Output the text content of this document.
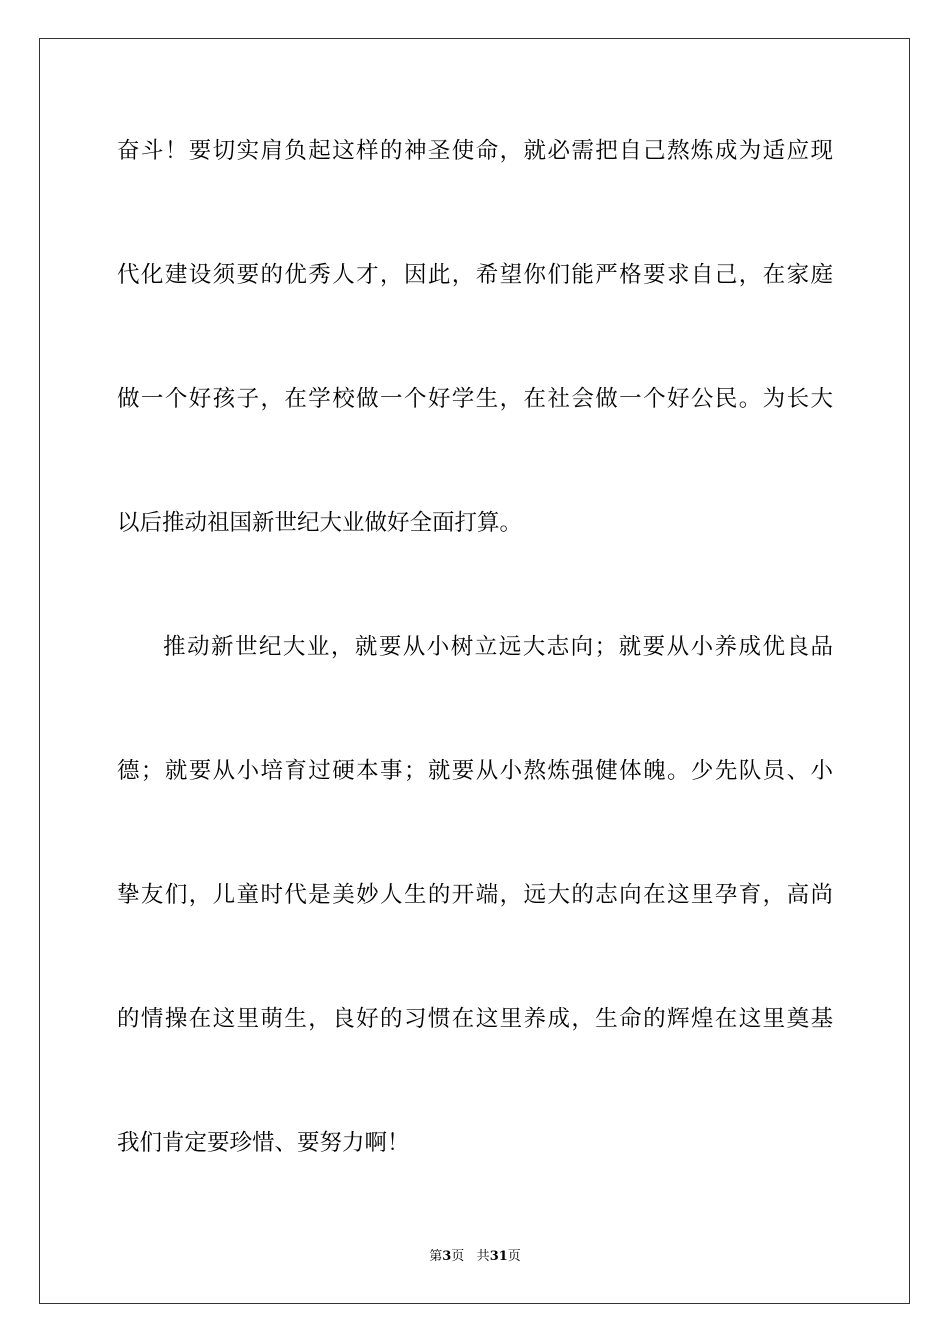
奋斗！要切实肩负起这样的神圣使命，就必需把自己熬炼成为适应现
代化建设须要的优秀人才，因此，希望你们能严格要求自己，在家庭
做一个好孩子，在学校做一个好学生，在社会做一个好公民。为长大
以后推动祖国新世纪大业做好全面打算。
推动新世纪大业，就要从小树立远大志向；就要从小养成优良品
德；就要从小培育过硬本事；就要从小熬炼强健体魄。少先队员、小
挚友们，儿童时代是美妙人生的开端，远大的志向在这里孕育，高尚
的情操在这里萌生，良好的习惯在这里养成，生命的辉煌在这里奠基
我们肯定要珍惜、要努力啊！
第3页 共31页
